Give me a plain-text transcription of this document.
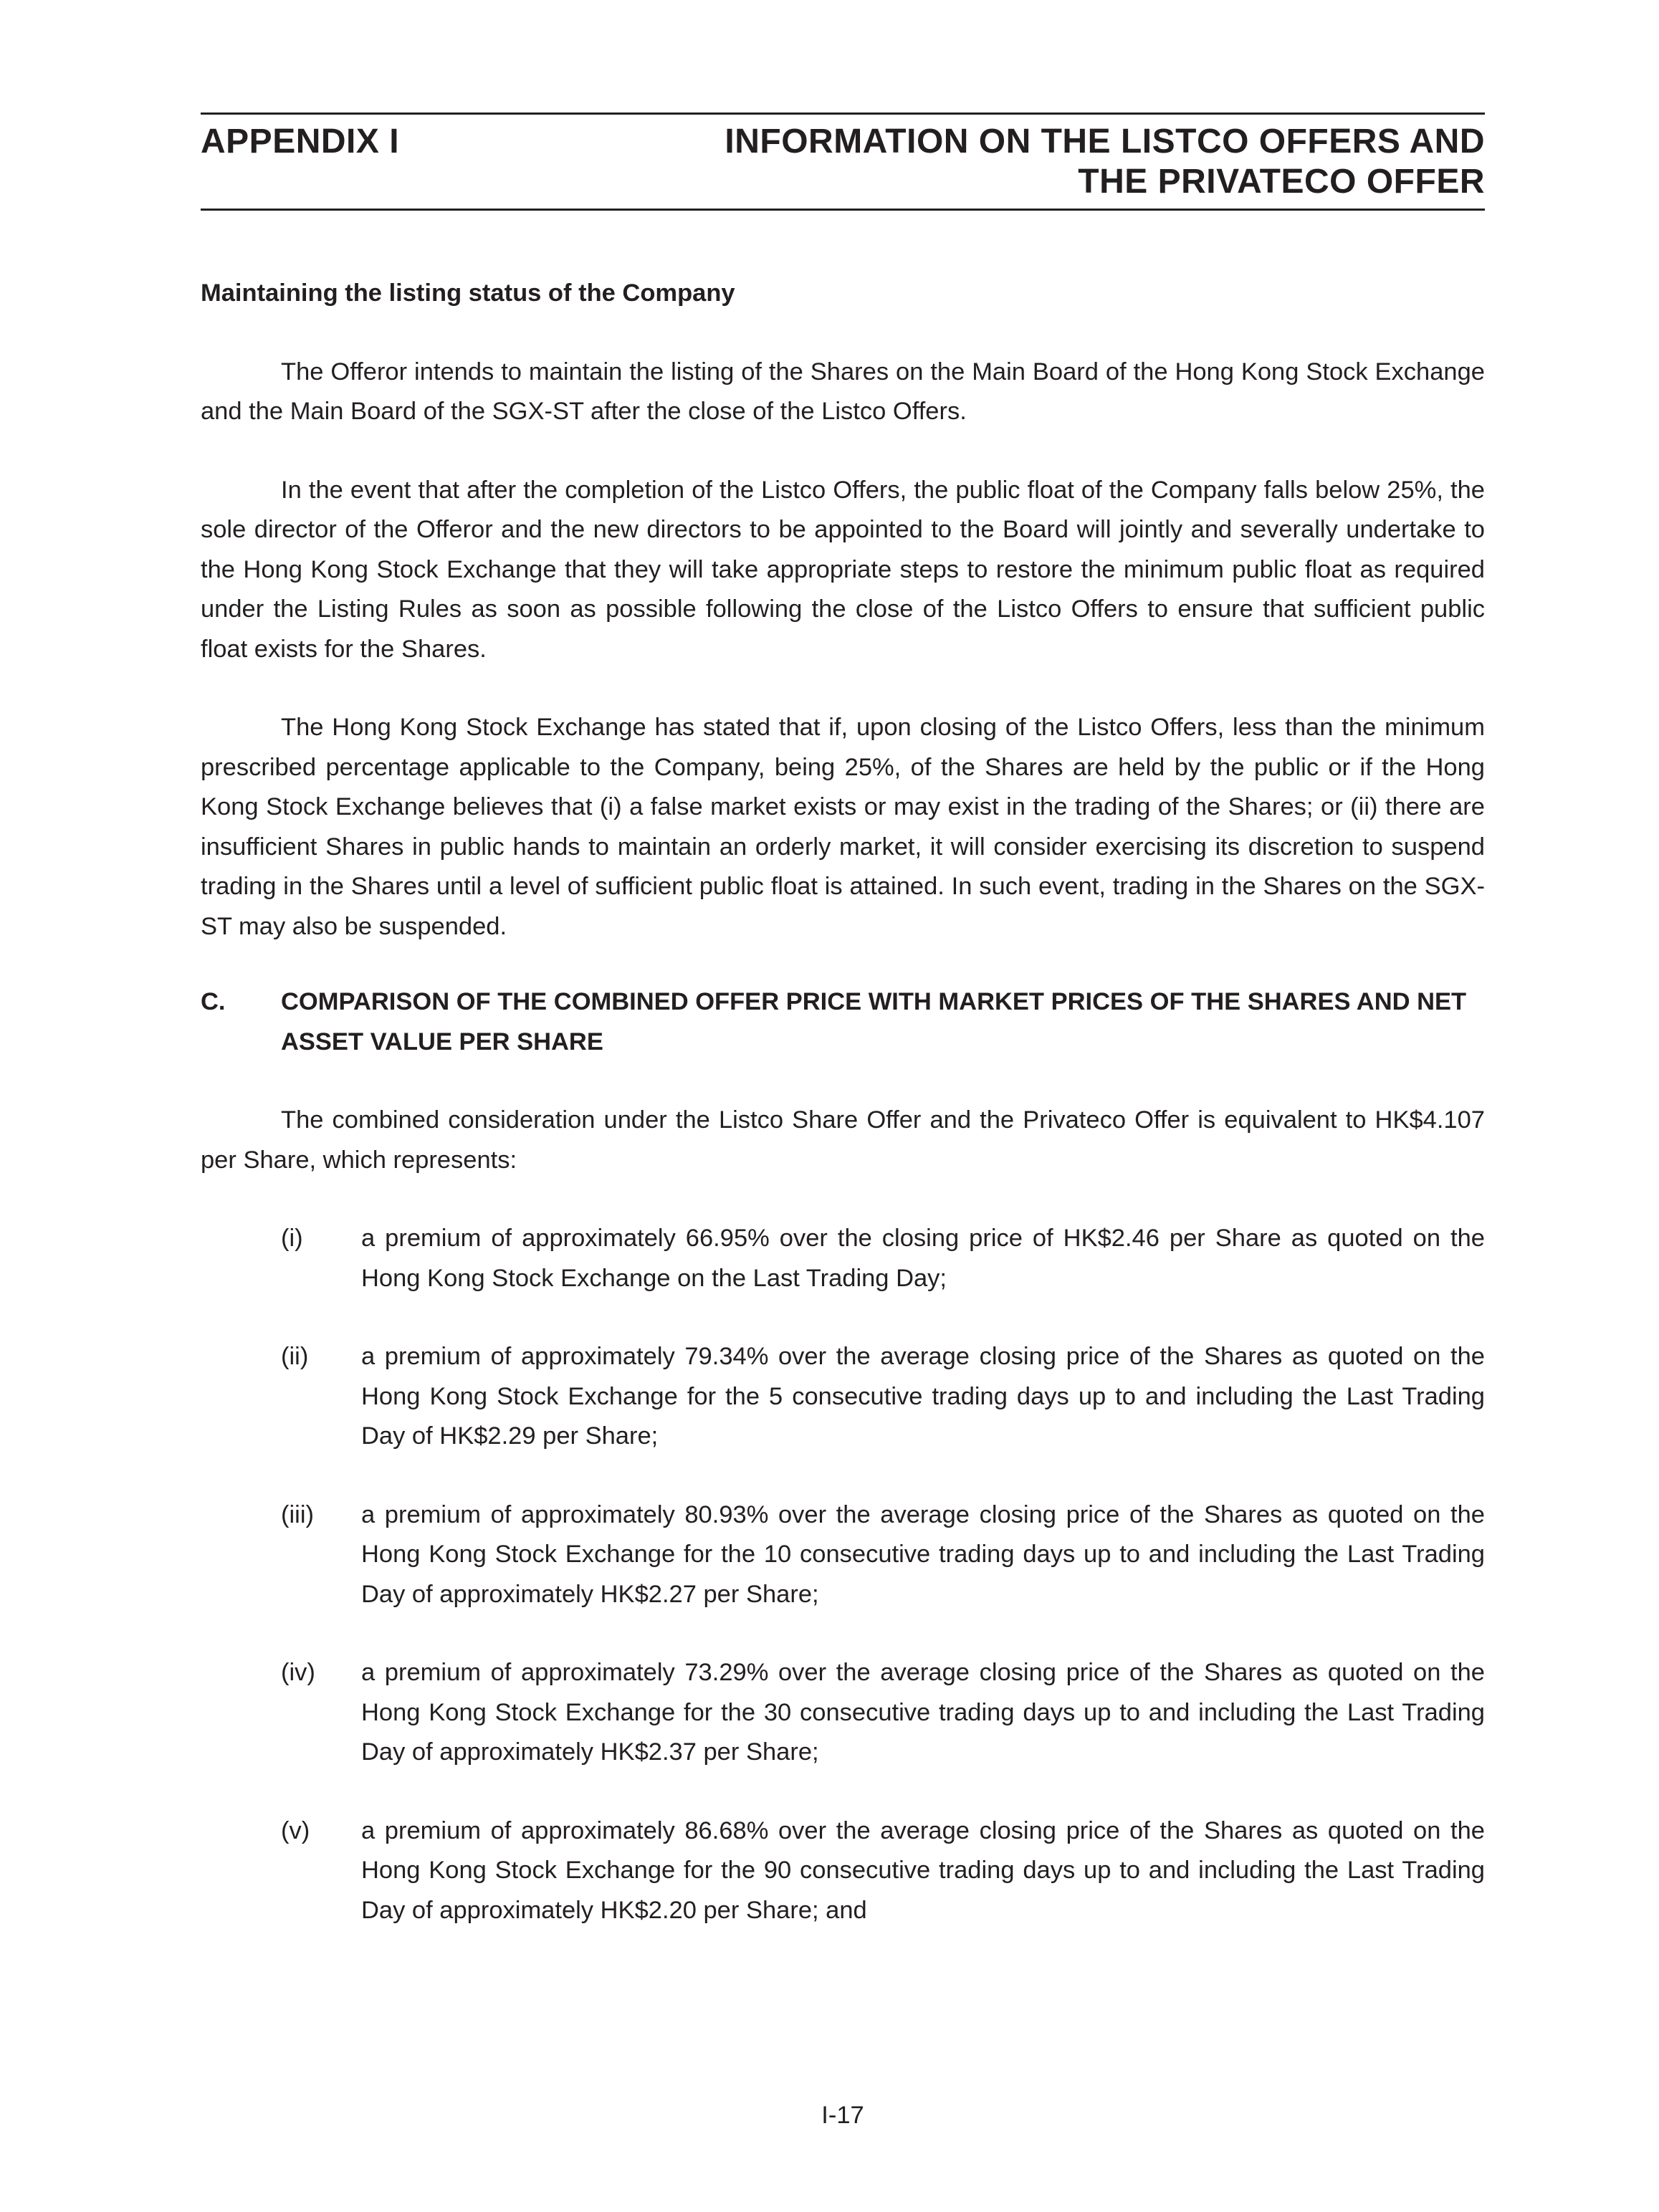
APPENDIX I	INFORMATION ON THE LISTCO OFFERS AND
THE PRIVATECO OFFER
Maintaining the listing status of the Company

The Offeror intends to maintain the listing of the Shares on the Main Board of the Hong Kong Stock Exchange and the Main Board of the SGX-ST after the close of the Listco Offers.

In the event that after the completion of the Listco Offers, the public float of the Company falls below 25%, the sole director of the Offeror and the new directors to be appointed to the Board will jointly and severally undertake to the Hong Kong Stock Exchange that they will take appropriate steps to restore the minimum public float as required under the Listing Rules as soon as possible following the close of the Listco Offers to ensure that sufficient public float exists for the Shares.

The Hong Kong Stock Exchange has stated that if, upon closing of the Listco Offers, less than the minimum prescribed percentage applicable to the Company, being 25%, of the Shares are held by the public or if the Hong Kong Stock Exchange believes that (i) a false market exists or may exist in the trading of the Shares; or (ii) there are insufficient Shares in public hands to maintain an orderly market, it will consider exercising its discretion to suspend trading in the Shares until a level of sufficient public float is attained. In such event, trading in the Shares on the SGX-ST may also be suspended.

C.	COMPARISON OF THE COMBINED OFFER PRICE WITH MARKET PRICES OF THE SHARES AND NET ASSET VALUE PER SHARE

The combined consideration under the Listco Share Offer and the Privateco Offer is equivalent to HK$4.107 per Share, which represents:

(i)	a premium of approximately 66.95% over the closing price of HK$2.46 per Share as quoted on the Hong Kong Stock Exchange on the Last Trading Day;
(ii)	a premium of approximately 79.34% over the average closing price of the Shares as quoted on the Hong Kong Stock Exchange for the 5 consecutive trading days up to and including the Last Trading Day of HK$2.29 per Share;
(iii)	a premium of approximately 80.93% over the average closing price of the Shares as quoted on the Hong Kong Stock Exchange for the 10 consecutive trading days up to and including the Last Trading Day of approximately HK$2.27 per Share;
(iv)	a premium of approximately 73.29% over the average closing price of the Shares as quoted on the Hong Kong Stock Exchange for the 30 consecutive trading days up to and including the Last Trading Day of approximately HK$2.37 per Share;
(v)	a premium of approximately 86.68% over the average closing price of the Shares as quoted on the Hong Kong Stock Exchange for the 90 consecutive trading days up to and including the Last Trading Day of approximately HK$2.20 per Share; and
I-17
